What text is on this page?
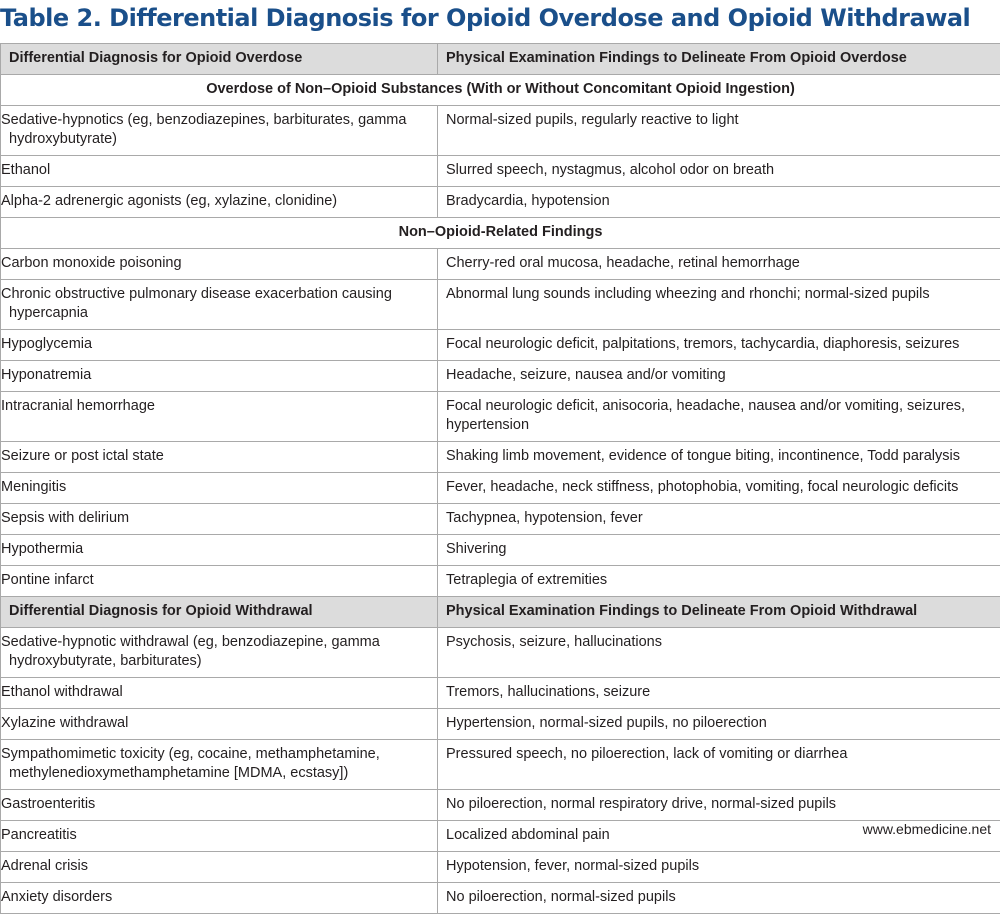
Table 2. Differential Diagnosis for Opioid Overdose and Opioid Withdrawal
Differential Diagnosis for Opioid Overdose	Physical Examination Findings to Delineate From Opioid Overdose
Overdose of Non–Opioid Substances (With or Without Concomitant Opioid Ingestion)	
Sedative-hypnotics (eg, benzodiazepines, barbiturates, gamma hydroxybutyrate)	Normal-sized pupils, regularly reactive to light
Ethanol	Slurred speech, nystagmus, alcohol odor on breath
Alpha-2 adrenergic agonists (eg, xylazine, clonidine)	Bradycardia, hypotension
Non–Opioid-Related Findings	
Carbon monoxide poisoning	Cherry-red oral mucosa, headache, retinal hemorrhage
Chronic obstructive pulmonary disease exacerbation causing hypercapnia	Abnormal lung sounds including wheezing and rhonchi; normal-sized pupils
Hypoglycemia	Focal neurologic deficit, palpitations, tremors, tachycardia, diaphoresis, seizures
Hyponatremia	Headache, seizure, nausea and/or vomiting
Intracranial hemorrhage	Focal neurologic deficit, anisocoria, headache, nausea and/or vomiting, seizures, hypertension
Seizure or post ictal state	Shaking limb movement, evidence of tongue biting, incontinence, Todd paralysis
Meningitis	Fever, headache, neck stiffness, photophobia, vomiting, focal neurologic deficits
Sepsis with delirium	Tachypnea, hypotension, fever
Hypothermia	Shivering
Pontine infarct	Tetraplegia of extremities
Differential Diagnosis for Opioid Withdrawal	Physical Examination Findings to Delineate From Opioid Withdrawal
Sedative-hypnotic withdrawal (eg, benzodiazepine, gamma hydroxybutyrate, barbiturates)	Psychosis, seizure, hallucinations
Ethanol withdrawal	Tremors, hallucinations, seizure
Xylazine withdrawal	Hypertension, normal-sized pupils, no piloerection
Sympathomimetic toxicity (eg, cocaine, methamphetamine, methylenedioxymethamphetamine [MDMA, ecstasy])	Pressured speech, no piloerection, lack of vomiting or diarrhea
Gastroenteritis	No piloerection, normal respiratory drive, normal-sized pupils
Pancreatitis	Localized abdominal pain
Adrenal crisis	Hypotension, fever, normal-sized pupils
Anxiety disorders	No piloerection, normal-sized pupils
www.ebmedicine.net
